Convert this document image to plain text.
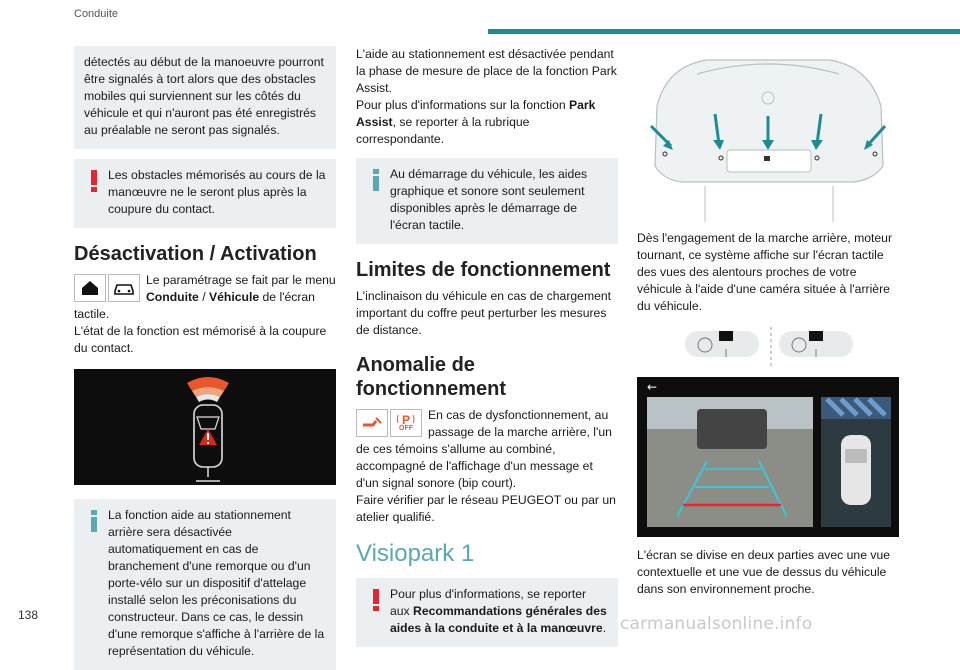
Conduite

détectés au début de la manoeuvre pourront être signalés à tort alors que des obstacles mobiles qui surviennent sur les côtés du véhicule et qui n'auront pas été enregistrés au préalable ne seront pas signalés.

Les obstacles mémorisés au cours de la manœuvre ne le seront plus après la coupure du contact.

Désactivation / Activation

Le paramétrage se fait par le menu Conduite / Véhicule de l'écran tactile.

L'état de la fonction est mémorisé à la coupure du contact.

La fonction aide au stationnement arrière sera désactivée automatiquement en cas de branchement d'une remorque ou d'un porte-vélo sur un dispositif d'attelage installé selon les préconisations du constructeur. Dans ce cas, le dessin d'une remorque s'affiche à l'arrière de la représentation du véhicule.

L'aide au stationnement est désactivée pendant la phase de mesure de place de la fonction Park Assist.

Pour plus d'informations sur la fonction Park Assist, se reporter à la rubrique correspondante.

Au démarrage du véhicule, les aides graphique et sonore sont seulement disponibles après le démarrage de l'écran tactile.

Limites de fonctionnement

L'inclinaison du véhicule en cas de chargement important du coffre peut perturber les mesures de distance.

Anomalie de fonctionnement
P
OFF

En cas de dysfonctionnement, au passage de la marche arrière, l'un de ces témoins s'allume au combiné, accompagné de l'affichage d'un message et d'un signal sonore (bip court).

Faire vérifier par le réseau PEUGEOT ou par un atelier qualifié.

Visiopark 1

Pour plus d'informations, se reporter aux Recommandations générales des aides à la conduite et à la manœuvre.

Dès l'engagement de la marche arrière, moteur tournant, ce système affiche sur l'écran tactile des vues des alentours proches de votre véhicule à l'aide d'une caméra située à l'arrière du véhicule.

←

L'écran se divise en deux parties avec une vue contextuelle et une vue de dessus du véhicule dans son environnement proche.

138	carmanualsonline.info
